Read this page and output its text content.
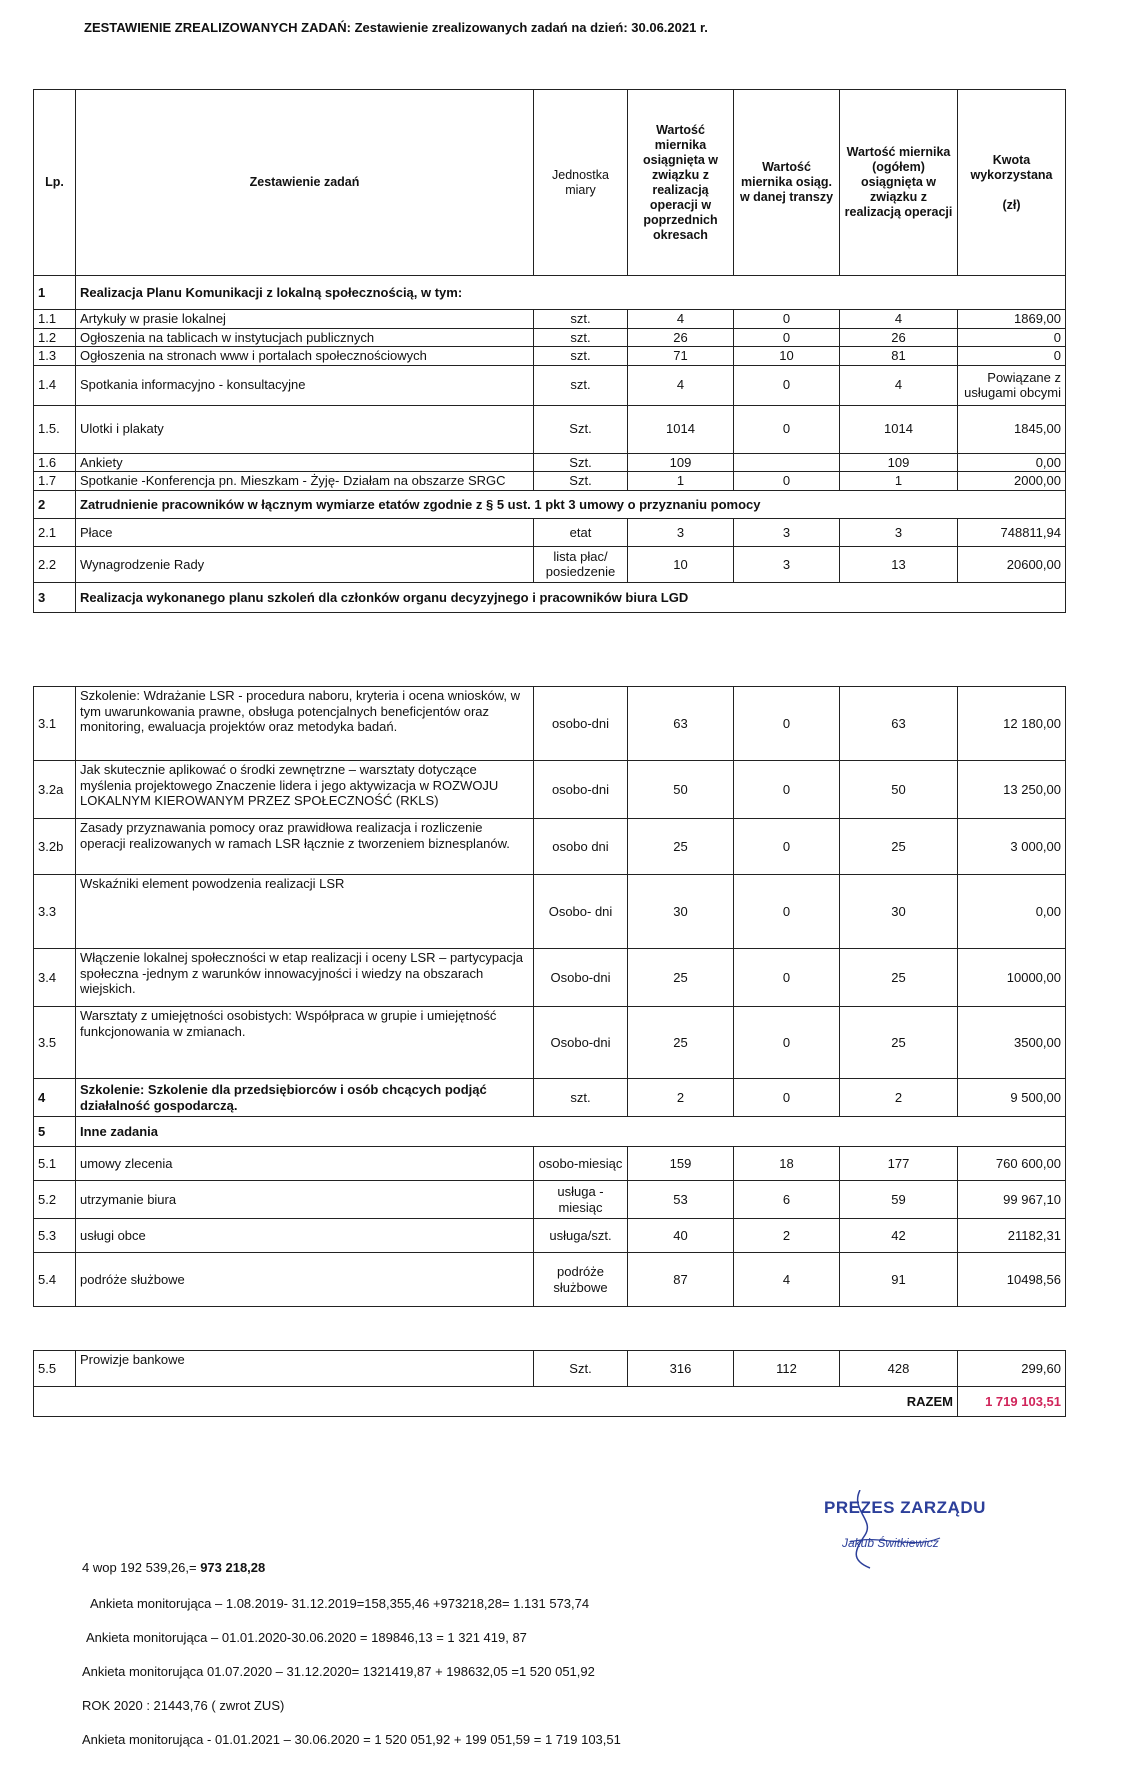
ZESTAWIENIE ZREALIZOWANYCH ZADAŃ: Zestawienie zrealizowanych zadań na dzień: 30.06.2021 r.
Lp.	Zestawienie zadań	Jednostka miary	Wartość miernika osiągnięta w związku z realizacją operacji w poprzednich okresach	Wartość miernika osiąg. w danej transzy	Wartość miernika (ogółem) osiągnięta w związku z realizacją operacji	Kwota wykorzystana

(zł)
1	Realizacja Planu Komunikacji z lokalną społecznością, w tym:					
1.1	Artykuły w prasie lokalnej	szt.	4	0	4	1869,00
1.2	Ogłoszenia na tablicach w instytucjach publicznych	szt.	26	0	26	0
1.3	Ogłoszenia na stronach www i portalach społecznościowych	szt.	71	10	81	0
1.4	Spotkania informacyjno - konsultacyjne	szt.	4	0	4	Powiązane z usługami obcymi
1.5.	Ulotki i plakaty	Szt.	1014	0	1014	1845,00
1.6	Ankiety	Szt.	109		109	0,00
1.7	Spotkanie -Konferencja pn. Mieszkam - Żyję- Działam na obszarze SRGC	Szt.	1	0	1	2000,00
2	Zatrudnienie pracowników w łącznym wymiarze etatów zgodnie z § 5 ust. 1 pkt 3 umowy o przyznaniu pomocy					
2.1	Płace	etat	3	3	3	748811,94
2.2	Wynagrodzenie Rady	lista płac/ posiedzenie	10	3	13	20600,00
3	Realizacja wykonanego planu szkoleń dla członków organu decyzyjnego i pracowników biura LGD					
3.1	Szkolenie: Wdrażanie LSR - procedura naboru, kryteria i ocena wniosków, w tym uwarunkowania prawne, obsługa potencjalnych beneficjentów oraz monitoring, ewaluacja projektów oraz metodyka badań.	osobo-dni	63	0	63	12 180,00
3.2a	Jak skutecznie aplikować o środki zewnętrzne – warsztaty dotyczące myślenia projektowego Znaczenie lidera i jego aktywizacja w ROZWOJU LOKALNYM KIEROWANYM PRZEZ SPOŁECZNOŚĆ (RKLS)	osobo-dni	50	0	50	13 250,00
3.2b	Zasady przyznawania pomocy oraz prawidłowa realizacja i rozliczenie operacji realizowanych w ramach LSR łącznie z tworzeniem biznesplanów.	osobo dni	25	0	25	3 000,00
3.3	Wskaźniki element powodzenia realizacji LSR	Osobo- dni	30	0	30	0,00
3.4	Włączenie lokalnej społeczności w etap realizacji i oceny LSR – partycypacja społeczna -jednym z warunków innowacyjności i wiedzy na obszarach wiejskich.	Osobo-dni	25	0	25	10000,00
3.5	Warsztaty z umiejętności osobistych: Współpraca w grupie i umiejętność funkcjonowania w zmianach.	Osobo-dni	25	0	25	3500,00
4	Szkolenie: Szkolenie dla przedsiębiorców i osób chcących podjąć działalność gospodarczą.	szt.	2	0	2	9 500,00
5	Inne zadania					
5.1	umowy zlecenia	osobo-miesiąc	159	18	177	760 600,00
5.2	utrzymanie biura	usługa - miesiąc	53	6	59	99 967,10
5.3	usługi obce	usługa/szt.	40	2	42	21182,31
5.4	podróże służbowe	podróże służbowe	87	4	91	10498,56
5.5	Prowizje bankowe	Szt.	316	112	428	299,60
RAZEM						1 719 103,51
PREZES ZARZĄDU
Jakub Świtkiewicz
4 wop 192 539,26,= 973 218,28
Ankieta monitorująca – 1.08.2019- 31.12.2019=158,355,46 +973218,28= 1.131 573,74
Ankieta monitorująca – 01.01.2020-30.06.2020 = 189846,13 = 1 321 419, 87
Ankieta monitorująca 01.07.2020 – 31.12.2020= 1321419,87 + 198632,05 =1 520 051,92
ROK 2020 : 21443,76 ( zwrot ZUS)
Ankieta monitorująca - 01.01.2021 – 30.06.2020 = 1 520 051,92 + 199 051,59 = 1 719 103,51
